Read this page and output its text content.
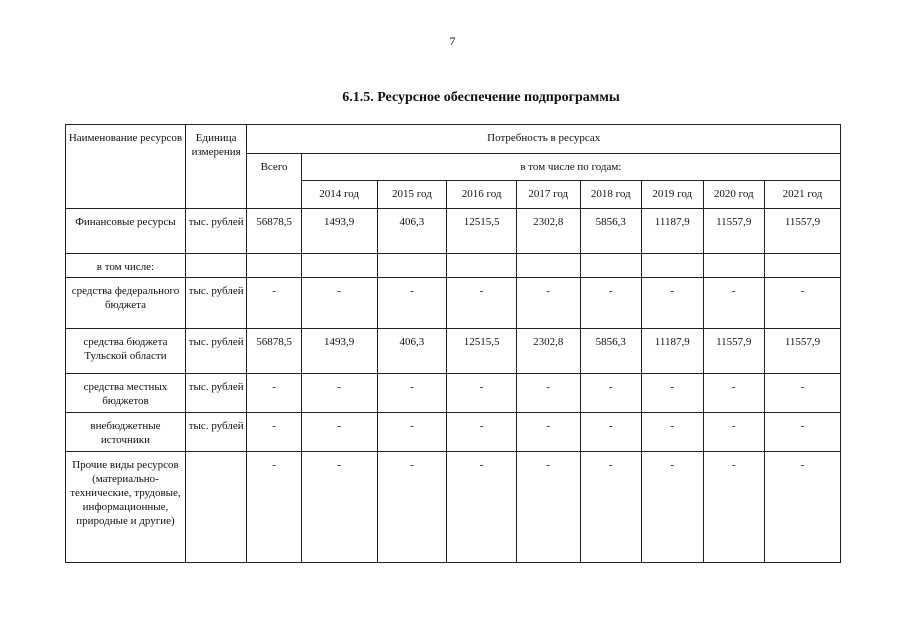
7
6.1.5. Ресурсное обеспечение подпрограммы
Наименование ресурсов	Единица измерения	Потребность в ресурсах								
		Всего	в том числе по годам:							
			2014 год	2015 год	2016 год	2017 год	2018 год	2019 год	2020 год	2021 год
Финансовые ресурсы	тыс. рублей	56878,5	1493,9	406,3	12515,5	2302,8	5856,3	11187,9	11557,9	11557,9
в том числе:										
средства федерального бюджета	тыс. рублей	-	-	-	-	-	-	-	-	-
средства бюджета Тульской области	тыс. рублей	56878,5	1493,9	406,3	12515,5	2302,8	5856,3	11187,9	11557,9	11557,9
средства местных бюджетов	тыс. рублей	-	-	-	-	-	-	-	-	-
внебюджетные источники	тыс. рублей	-	-	-	-	-	-	-	-	-
Прочие виды ресурсов (материально-технические, трудовые, информационные, природные и другие)		-	-	-	-	-	-	-	-	-
